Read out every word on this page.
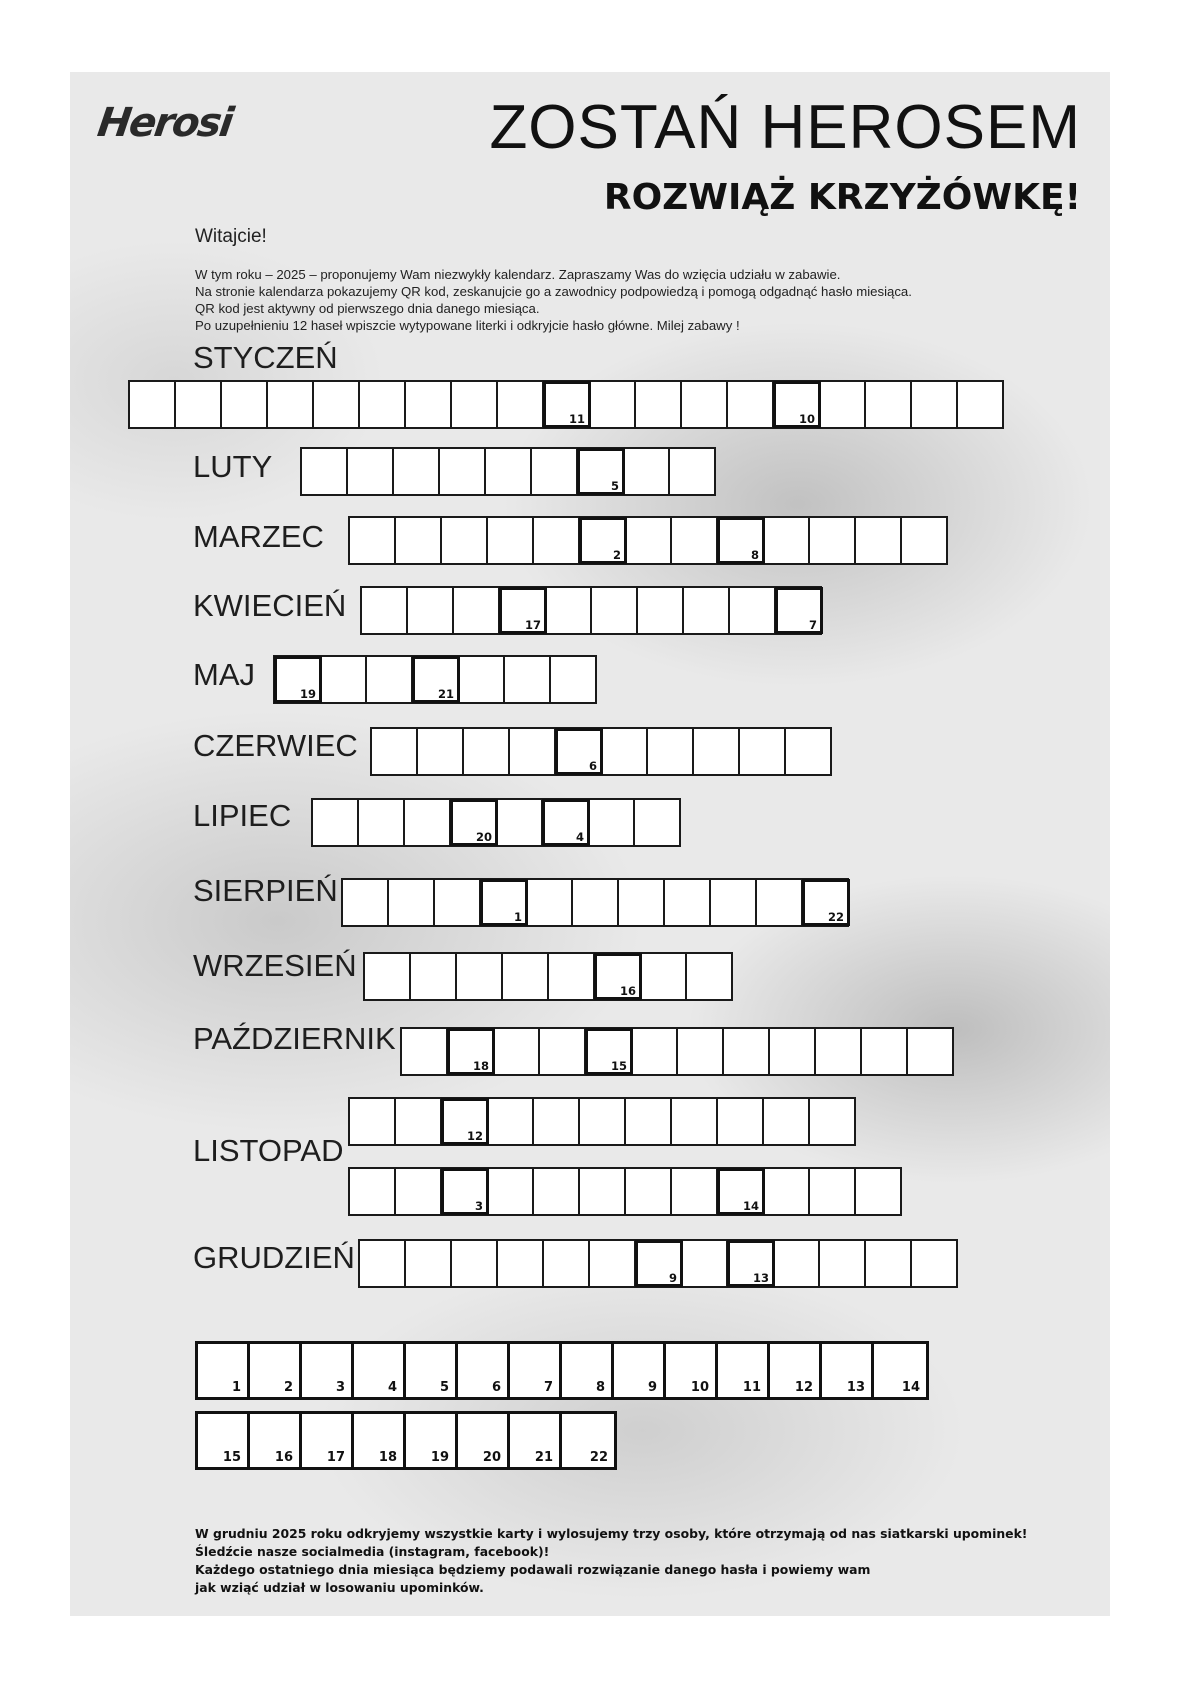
Herosi	ZOSTAŃ HEROSEM
ROZWIĄŻ KRZYŻÓWKĘ!
Witajcie!
W tym roku – 2025 – proponujemy Wam niezwykły kalendarz. Zapraszamy Was do wzięcia udziału w zabawie.
Na stronie kalendarza pokazujemy QR kod, zeskanujcie go a zawodnicy podpowiedzą i pomogą odgadnąć hasło miesiąca.
QR kod jest aktywny od pierwszego dnia danego miesiąca.
Po uzupełnieniu 12 haseł wpiszcie wytypowane literki i odkryjcie hasło główne. Milej zabawy !
STYCZEŃ
11	10
LUTY
5
MARZEC
2	8
KWIECIEŃ
17	7
MAJ
19	21
CZERWIEC
6
LIPIEC
20	4
SIERPIEŃ
1	22
WRZESIEŃ
16
PAŹDZIERNIK
18	15
LISTOPAD	12
3	14
GRUDZIEŃ
9	13
1	2	3	4	5	6	7	8	9	10	11	12	13	14
15	16	17	18	19	20	21	22
W grudniu 2025 roku odkryjemy wszystkie karty i wylosujemy trzy osoby, które otrzymają od nas siatkarski upominek!
Śledźcie nasze socialmedia (instagram, facebook)!
Każdego ostatniego dnia miesiąca będziemy podawali rozwiązanie danego hasła i powiemy wam
jak wziąć udział w losowaniu upominków.
